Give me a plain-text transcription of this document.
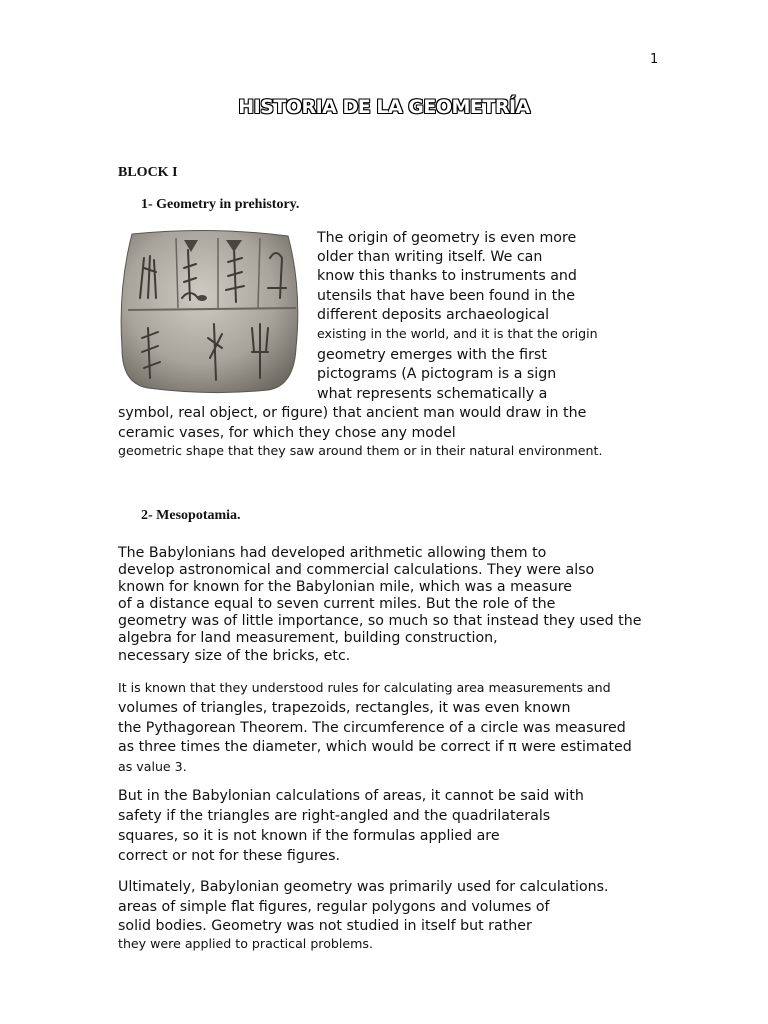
1
HISTORIA DE LA GEOMETRÍA
BLOCK I
1- Geometry in prehistory.
The origin of geometry is even more
older than writing itself. We can
know this thanks to instruments and
utensils that have been found in the
different deposits archaeological
existing in the world, and it is that the origin
geometry emerges with the first
pictograms (A pictogram is a sign
what represents schematically a
symbol, real object, or figure) that ancient man would draw in the
ceramic vases, for which they chose any model
geometric shape that they saw around them or in their natural environment.
2- Mesopotamia.
The Babylonians had developed arithmetic allowing them to
develop astronomical and commercial calculations. They were also
known for known for the Babylonian mile, which was a measure
of a distance equal to seven current miles. But the role of the
geometry was of little importance, so much so that instead they used the
algebra for land measurement, building construction,
necessary size of the bricks, etc.
It is known that they understood rules for calculating area measurements and
volumes of triangles, trapezoids, rectangles, it was even known
the Pythagorean Theorem. The circumference of a circle was measured
as three times the diameter, which would be correct if π were estimated
as value 3.
But in the Babylonian calculations of areas, it cannot be said with
safety if the triangles are right-angled and the quadrilaterals
squares, so it is not known if the formulas applied are
correct or not for these figures.
Ultimately, Babylonian geometry was primarily used for calculations.
areas of simple flat figures, regular polygons and volumes of
solid bodies. Geometry was not studied in itself but rather
they were applied to practical problems.
